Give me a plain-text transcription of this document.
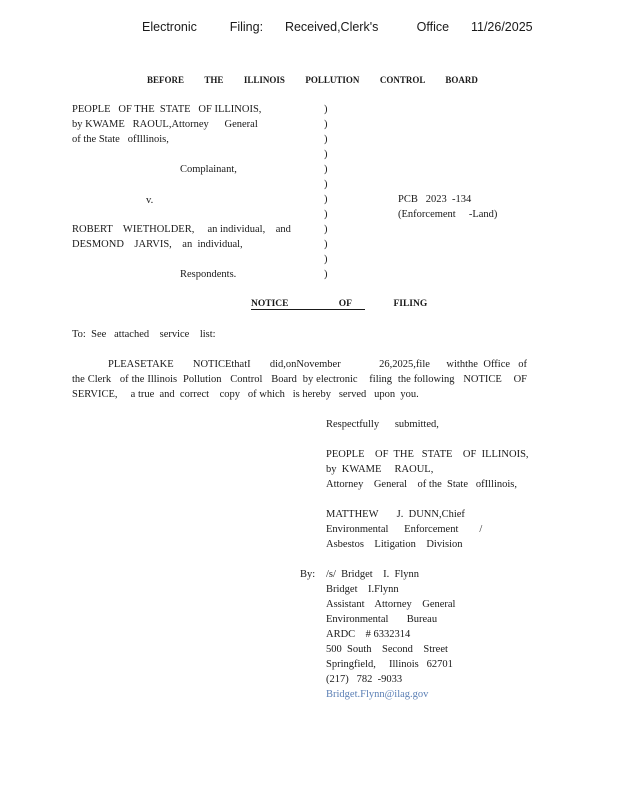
Electronic      Filing:    Received,Clerk's       Office    11/26/2025
BEFORE  THE  ILLINOIS  POLLUTION  CONTROL  BOARD
PEOPLE   OF THE  STATE   OF ILLINOIS,
by KWAME   RAOUL,Attorney      General
of the State   ofIllinois,
Complainant,
v.
ROBERT    WIETHOLDER,     an individual,    and
DESMOND    JARVIS,    an  individual,
Respondents.
)
)
)
)
)
)
)
)
)
)
)
)
PCB   2023  -134
(Enforcement     -Land)
NOTICE      OF     FILING
To:  See   attached    service    list:
PLEASETAKE       NOTICEthatI       did,onNovember              26,2025,file      withthe  Office   of the Clerk   of the Illinois  Pollution   Control   Board  by electronic    filing  the following   NOTICE    OF SERVICE,     a true  and  correct    copy   of which   is hereby   served   upon  you.
Respectfully      submitted,
PEOPLE    OF  THE   STATE    OF  ILLINOIS,
by  KWAME     RAOUL,
Attorney    General    of the  State   ofIllinois,
MATTHEW       J.  DUNN,Chief
Environmental      Enforcement        /
Asbestos    Litigation    Division
By: /s/  Bridget    I.  Flynn
Bridget    I.Flynn
Assistant    Attorney    General
Environmental       Bureau
ARDC    # 6332314
500  South    Second    Street
Springfield,     Illinois   62701
(217)   782  -9033
Bridget.Flynn@ilag.gov
